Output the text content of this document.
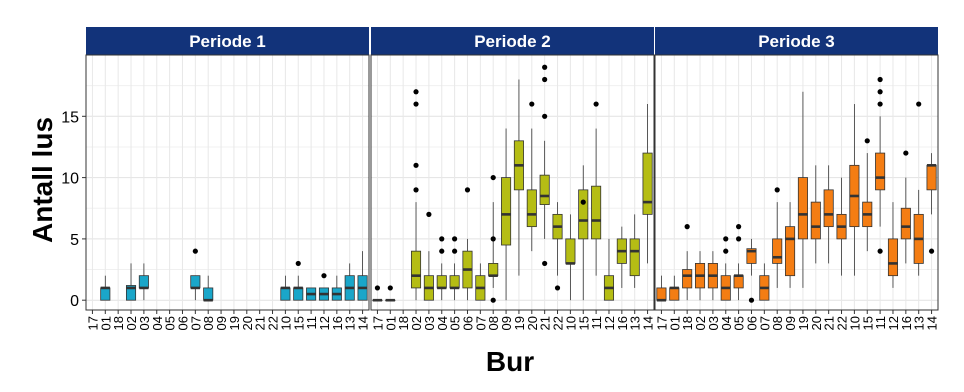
Periode 1
17
01
18
02
03
04
05
06
07
08
09
19
20
21
22
10
15
11
12
16
13
14
Periode 2
17
01
18
02
03
04
05
06
07
08
09
19
20
21
22
10
15
11
12
16
13
14
Periode 3
17
01
18
02
03
04
05
06
07
08
09
19
20
21
22
10
15
11
12
16
13
14
0
5
10
15
Bur
Antall lus
